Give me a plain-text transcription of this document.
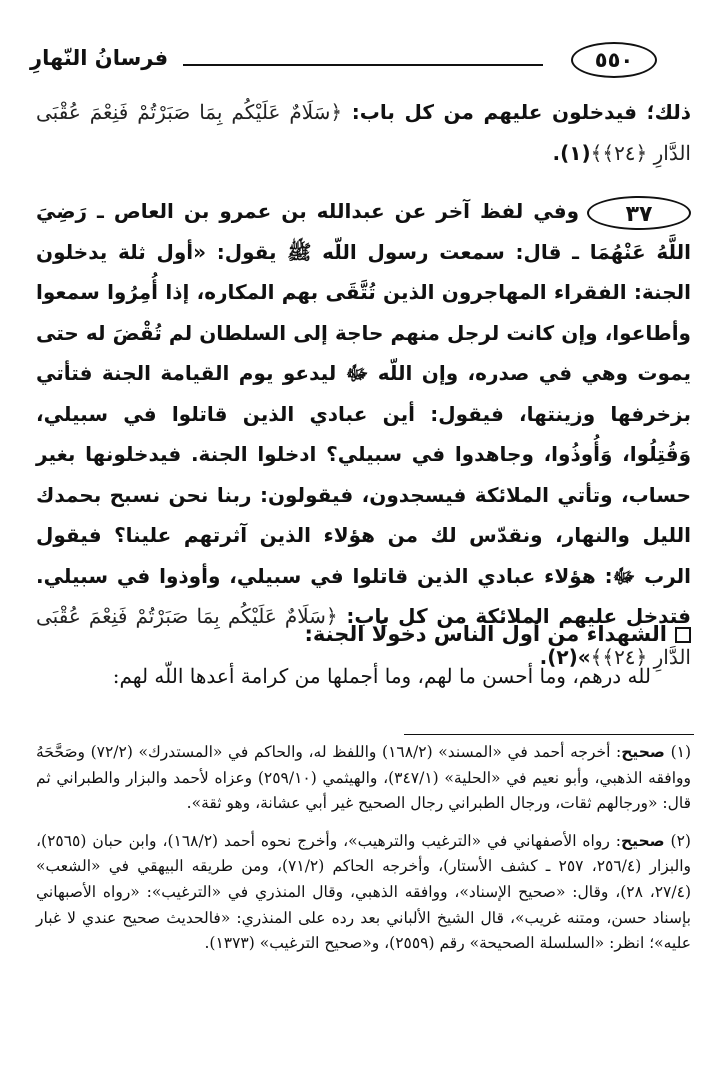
فرسانُ النّهارِ	٥٥٠

ذلك؛ فيدخلون عليهم من كل باب: ﴿سَلَامٌ عَلَيْكُم بِمَا صَبَرْتُمْ فَنِعْمَ عُقْبَى الدَّارِ ﴿٢٤﴾﴾(١).

٣٧وفي لفظ آخر عن عبدالله بن عمرو بن العاص ـ رَضِيَ اللَّهُ عَنْهُمَا ـ قال: سمعت رسول اللّه ﷺ يقول: «أول ثلة يدخلون الجنة: الفقراء المهاجرون الذين تُتَّقَى بهم المكاره، إذا أُمِرُوا سمعوا وأطاعوا، وإن كانت لرجل منهم حاجة إلى السلطان لم تُقْضَ له حتى يموت وهي في صدره، وإن اللّه ﷻ ليدعو يوم القيامة الجنة فتأتي بزخرفها وزينتها، فيقول: أين عبادي الذين قاتلوا في سبيلي، وَقُتِلُوا، وَأُوذُوا، وجاهدوا في سبيلي؟ ادخلوا الجنة. فيدخلونها بغير حساب، وتأتي الملائكة فيسجدون، فيقولون: ربنا نحن نسبح بحمدك الليل والنهار، ونقدّس لك من هؤلاء الذين آثرتهم علينا؟ فيقول الرب ﷻ: هؤلاء عبادي الذين قاتلوا في سبيلي، وأوذوا في سبيلي. فتدخل عليهم الملائكة من كل باب: ﴿سَلَامٌ عَلَيْكُم بِمَا صَبَرْتُمْ فَنِعْمَ عُقْبَى الدَّارِ ﴿٢٤﴾﴾»(٢).

الشهداء من أول الناس دخولًا الجنة:
لله درهم، وما أحسن ما لهم، وما أجملها من كرامة أعدها اللّه لهم:

(١) صحيح: أخرجه أحمد في «المسند» (١٦٨/٢) واللفظ له، والحاكم في «المستدرك» (٧٢/٢) وصَحَّحَهُ ووافقه الذهبي، وأبو نعيم في «الحلية» (٣٤٧/١)، والهيثمي (٢٥٩/١٠) وعزاه لأحمد والبزار والطبراني ثم قال: «ورجالهم ثقات، ورجال الطبراني رجال الصحيح غير أبي عشانة، وهو ثقة».

(٢) صحيح: رواه الأصفهاني في «الترغيب والترهيب»، وأخرج نحوه أحمد (١٦٨/٢)، وابن حبان (٢٥٦٥)، والبزار (٢٥٦/٤، ٢٥٧ ـ كشف الأستار)، وأخرجه الحاكم (٧١/٢)، ومن طريقه البيهقي في «الشعب» (٢٧/٤، ٢٨)، وقال: «صحيح الإسناد»، ووافقه الذهبي، وقال المنذري في «الترغيب»: «رواه الأصبهاني بإسناد حسن، ومتنه غريب»، قال الشيخ الألباني بعد رده على المنذري: «فالحديث صحيح عندي لا غبار عليه»؛ انظر: «السلسلة الصحيحة» رقم (٢٥٥٩)، و«صحيح الترغيب» (١٣٧٣).
